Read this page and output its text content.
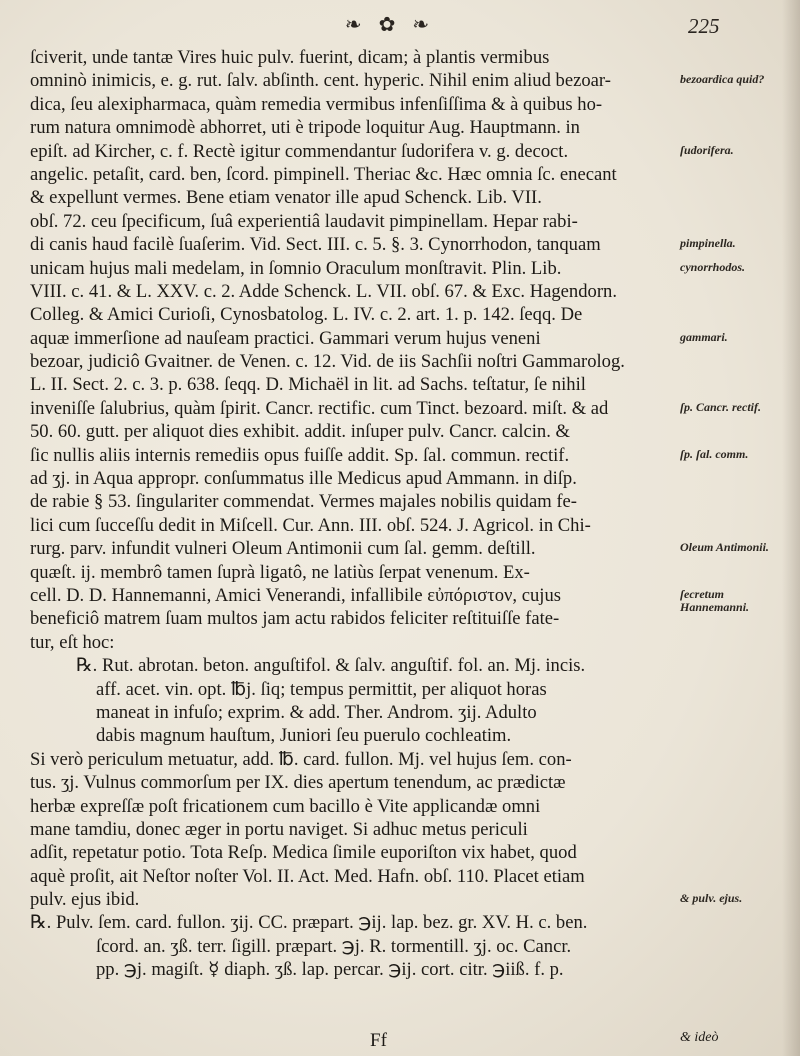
❧ ✿ ❧	225
ſciverit, unde tantæ Vires huic pulv. fuerint, dicam; à plantis vermibus
omninò inimicis, e. g. rut. ſalv. abſinth. cent. hyperic. Nihil enim aliud bezoar-
dica, ſeu alexipharmaca, quàm remedia vermibus infenſiſſima & à quibus ho-
rum natura omnimodè abhorret, uti è tripode loquitur Aug. Hauptmann. in
epiſt. ad Kircher, c. f. Rectè igitur commendantur ſudorifera v. g. decoct.
angelic. petaſit, card. ben, ſcord. pimpinell. Theriac &c. Hæc omnia ſc. enecant
& expellunt vermes. Bene etiam venator ille apud Schenck. Lib. VII.
obſ. 72. ceu ſpecificum, ſuâ experientiâ laudavit pimpinellam. Hepar rabi-
di canis haud facilè ſuaſerim. Vid. Sect. III. c. 5. §. 3. Cynorrhodon, tanquam
unicam hujus mali medelam, in ſomnio Oraculum monſtravit. Plin. Lib.
VIII. c. 41. & L. XXV. c. 2. Adde Schenck. L. VII. obſ. 67. & Exc. Hagendorn.
Colleg. & Amici Curioſi, Cynosbatolog. L. IV. c. 2. art. 1. p. 142. ſeqq. De
aquæ immerſione ad nauſeam practici. Gammari verum hujus veneni
bezoar, judiciô Gvaitner. de Venen. c. 12. Vid. de iis Sachſii noſtri Gammarolog.
L. II. Sect. 2. c. 3. p. 638. ſeqq. D. Michaël in lit. ad Sachs. teſtatur, ſe nihil
inveniſſe ſalubrius, quàm ſpirit. Cancr. rectific. cum Tinct. bezoard. miſt. & ad
50. 60. gutt. per aliquot dies exhibit. addit. inſuper pulv. Cancr. calcin. &
ſic nullis aliis internis remediis opus fuiſſe addit. Sp. ſal. commun. rectif.
ad ʒj. in Aqua appropr. conſummatus ille Medicus apud Ammann. in diſp.
de rabie § 53. ſingulariter commendat. Vermes majales nobilis quidam fe-
lici cum ſucceſſu dedit in Miſcell. Cur. Ann. III. obſ. 524. J. Agricol. in Chi-
rurg. parv. infundit vulneri Oleum Antimonii cum ſal. gemm. deſtill.
quæſt. ij. membrô tamen ſuprà ligatô, ne latiùs ſerpat venenum. Ex-
cell. D. D. Hannemanni, Amici Venerandi, infallibile εὐπόριστον, cujus
beneficiô matrem ſuam multos jam actu rabidos feliciter reſtituiſſe fate-
tur, eſt hoc:
℞. Rut. abrotan. beton. anguſtifol. & ſalv. anguſtif. fol. an. Mj. incis.
aff. acet. vin. opt. ℔j. ſiq; tempus permittit, per aliquot horas
maneat in infuſo; exprim. & add. Ther. Androm. ʒij. Adulto
dabis magnum hauſtum, Juniori ſeu puerulo cochleatim.
Si verò periculum metuatur, add. ℔. card. fullon. Mj. vel hujus ſem. con-
tus. ʒj. Vulnus commorſum per IX. dies apertum tenendum, ac prædictæ
herbæ expreſſæ poſt fricationem cum bacillo è Vite applicandæ omni
mane tamdiu, donec æger in portu naviget. Si adhuc metus periculi
adſit, repetatur potio. Tota Reſp. Medica ſimile euporiſton vix habet, quod
aquè proſit, ait Neſtor noſter Vol. II. Act. Med. Hafn. obſ. 110. Placet etiam
pulv. ejus ibid.
℞. Pulv. ſem. card. fullon. ʒij. CC. præpart. ℈ij. lap. bez. gr. XV. H. c. ben.
ſcord. an. ʒß. terr. ſigill. præpart. ℈j. R. tormentill. ʒj. oc. Cancr.
pp. ℈j. magiſt. ☿ diaph. ʒß. lap. percar. ℈ij. cort. citr. ℈iiß. f. p.
bezoardica quid?
ſudorifera.
pimpinella.
cynorrhodos.
gammari.
ſp. Cancr. rectif.
ſp. ſal. comm.
Oleum Antimonii.
ſecretum Hannemanni.
& pulv. ejus.
Ff	& ideò
